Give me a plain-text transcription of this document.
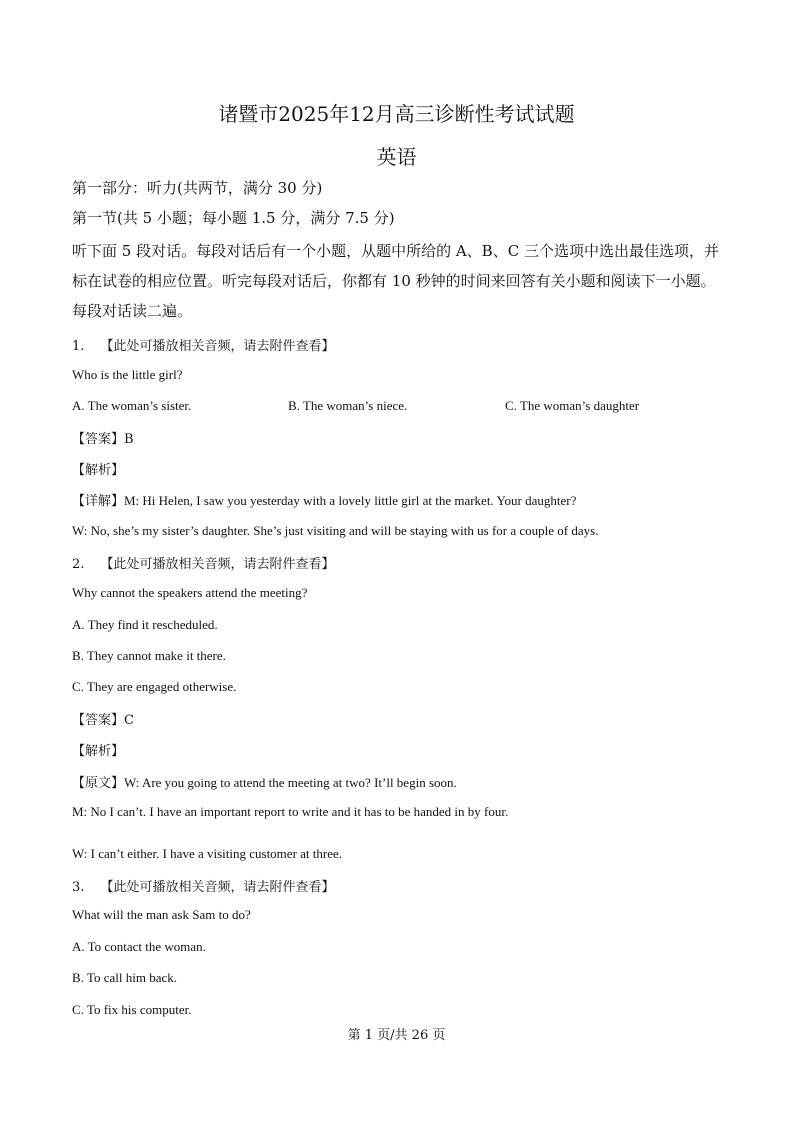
诸暨市2025年12月高三诊断性考试试题
英语
第一部分：听力(共两节，满分 30 分)
第一节(共 5 小题；每小题 1.5 分，满分 7.5 分)
听下面 5 段对话。每段对话后有一个小题，从题中所给的 A、B、C 三个选项中选出最佳选项，并标在试卷的相应位置。听完每段对话后，你都有 10 秒钟的时间来回答有关小题和阅读下一小题。每段对话读二遍。
1. 【此处可播放相关音频，请去附件查看】
Who is the little girl?
A. The woman’s sister.	B. The woman’s niece.	C. The woman’s daughter
【答案】B
【解析】
【详解】M: Hi Helen, I saw you yesterday with a lovely little girl at the market. Your daughter?
W: No, she’s my sister’s daughter. She’s just visiting and will be staying with us for a couple of days.
2. 【此处可播放相关音频，请去附件查看】
Why cannot the speakers attend the meeting?
A. They find it rescheduled.
B. They cannot make it there.
C. They are engaged otherwise.
【答案】C
【解析】
【原文】W: Are you going to attend the meeting at two? It’ll begin soon.
M: No I can’t. I have an important report to write and it has to be handed in by four.
W: I can’t either. I have a visiting customer at three.
3. 【此处可播放相关音频，请去附件查看】
What will the man ask Sam to do?
A. To contact the woman.
B. To call him back.
C. To fix his computer.
第 1 页/共 26 页
